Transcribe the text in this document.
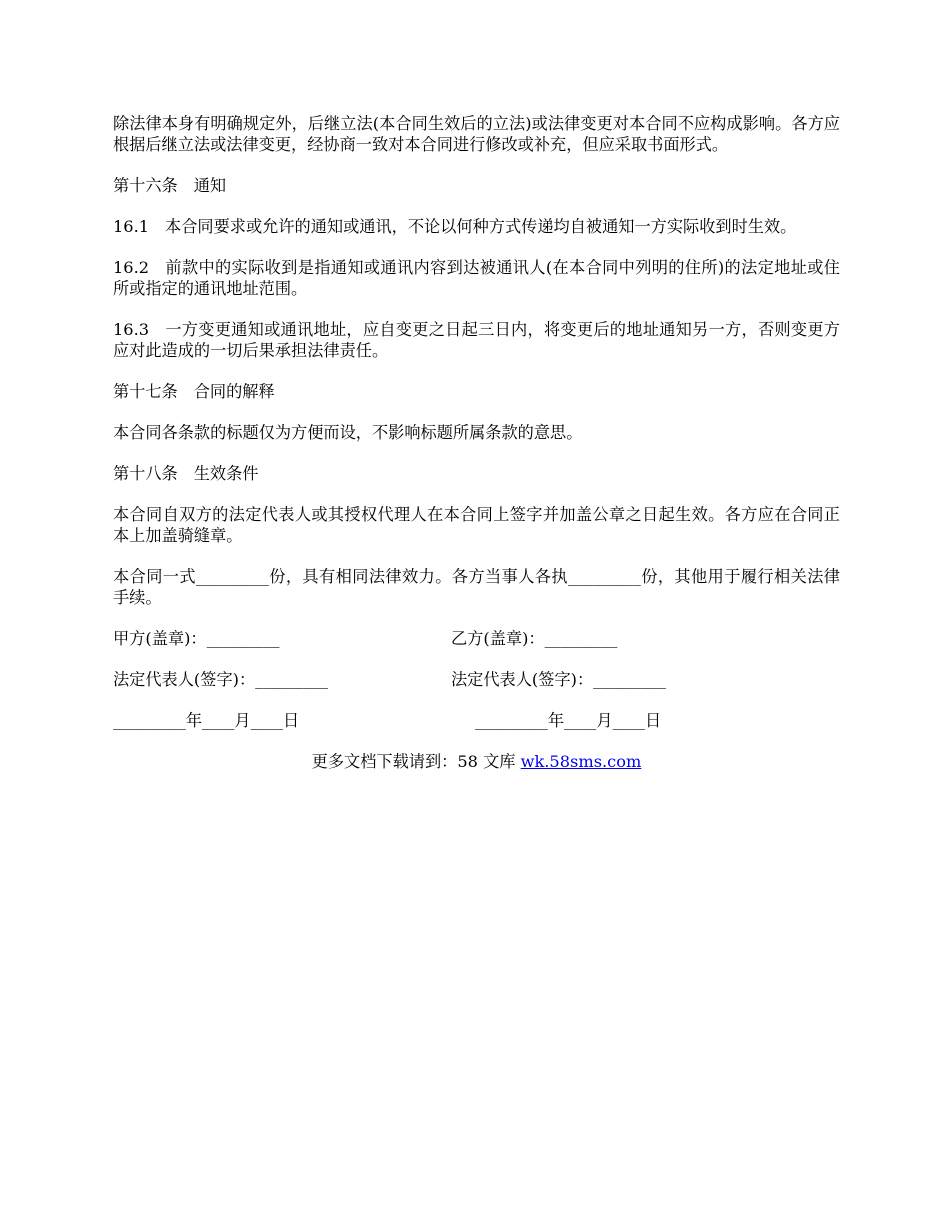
除法律本身有明确规定外，后继立法(本合同生效后的立法)或法律变更对本合同不应构成影响。各方应根据后继立法或法律变更，经协商一致对本合同进行修改或补充，但应采取书面形式。

第十六条 通知

16.1 本合同要求或允许的通知或通讯，不论以何种方式传递均自被通知一方实际收到时生效。

16.2 前款中的实际收到是指通知或通讯内容到达被通讯人(在本合同中列明的住所)的法定地址或住所或指定的通讯地址范围。

16.3 一方变更通知或通讯地址，应自变更之日起三日内，将变更后的地址通知另一方，否则变更方应对此造成的一切后果承担法律责任。

第十七条 合同的解释

本合同各条款的标题仅为方便而设，不影响标题所属条款的意思。

第十八条 生效条件

本合同自双方的法定代表人或其授权代理人在本合同上签字并加盖公章之日起生效。各方应在合同正本上加盖骑缝章。

本合同一式_________份，具有相同法律效力。各方当事人各执_________份，其他用于履行相关法律手续。

甲方(盖章)：_________	乙方(盖章)：_________
法定代表人(签字)：_________	法定代表人(签字)：_________
_________年____月____日	_________年____月____日
更多文档下载请到：58 文库 wk.58sms.com
